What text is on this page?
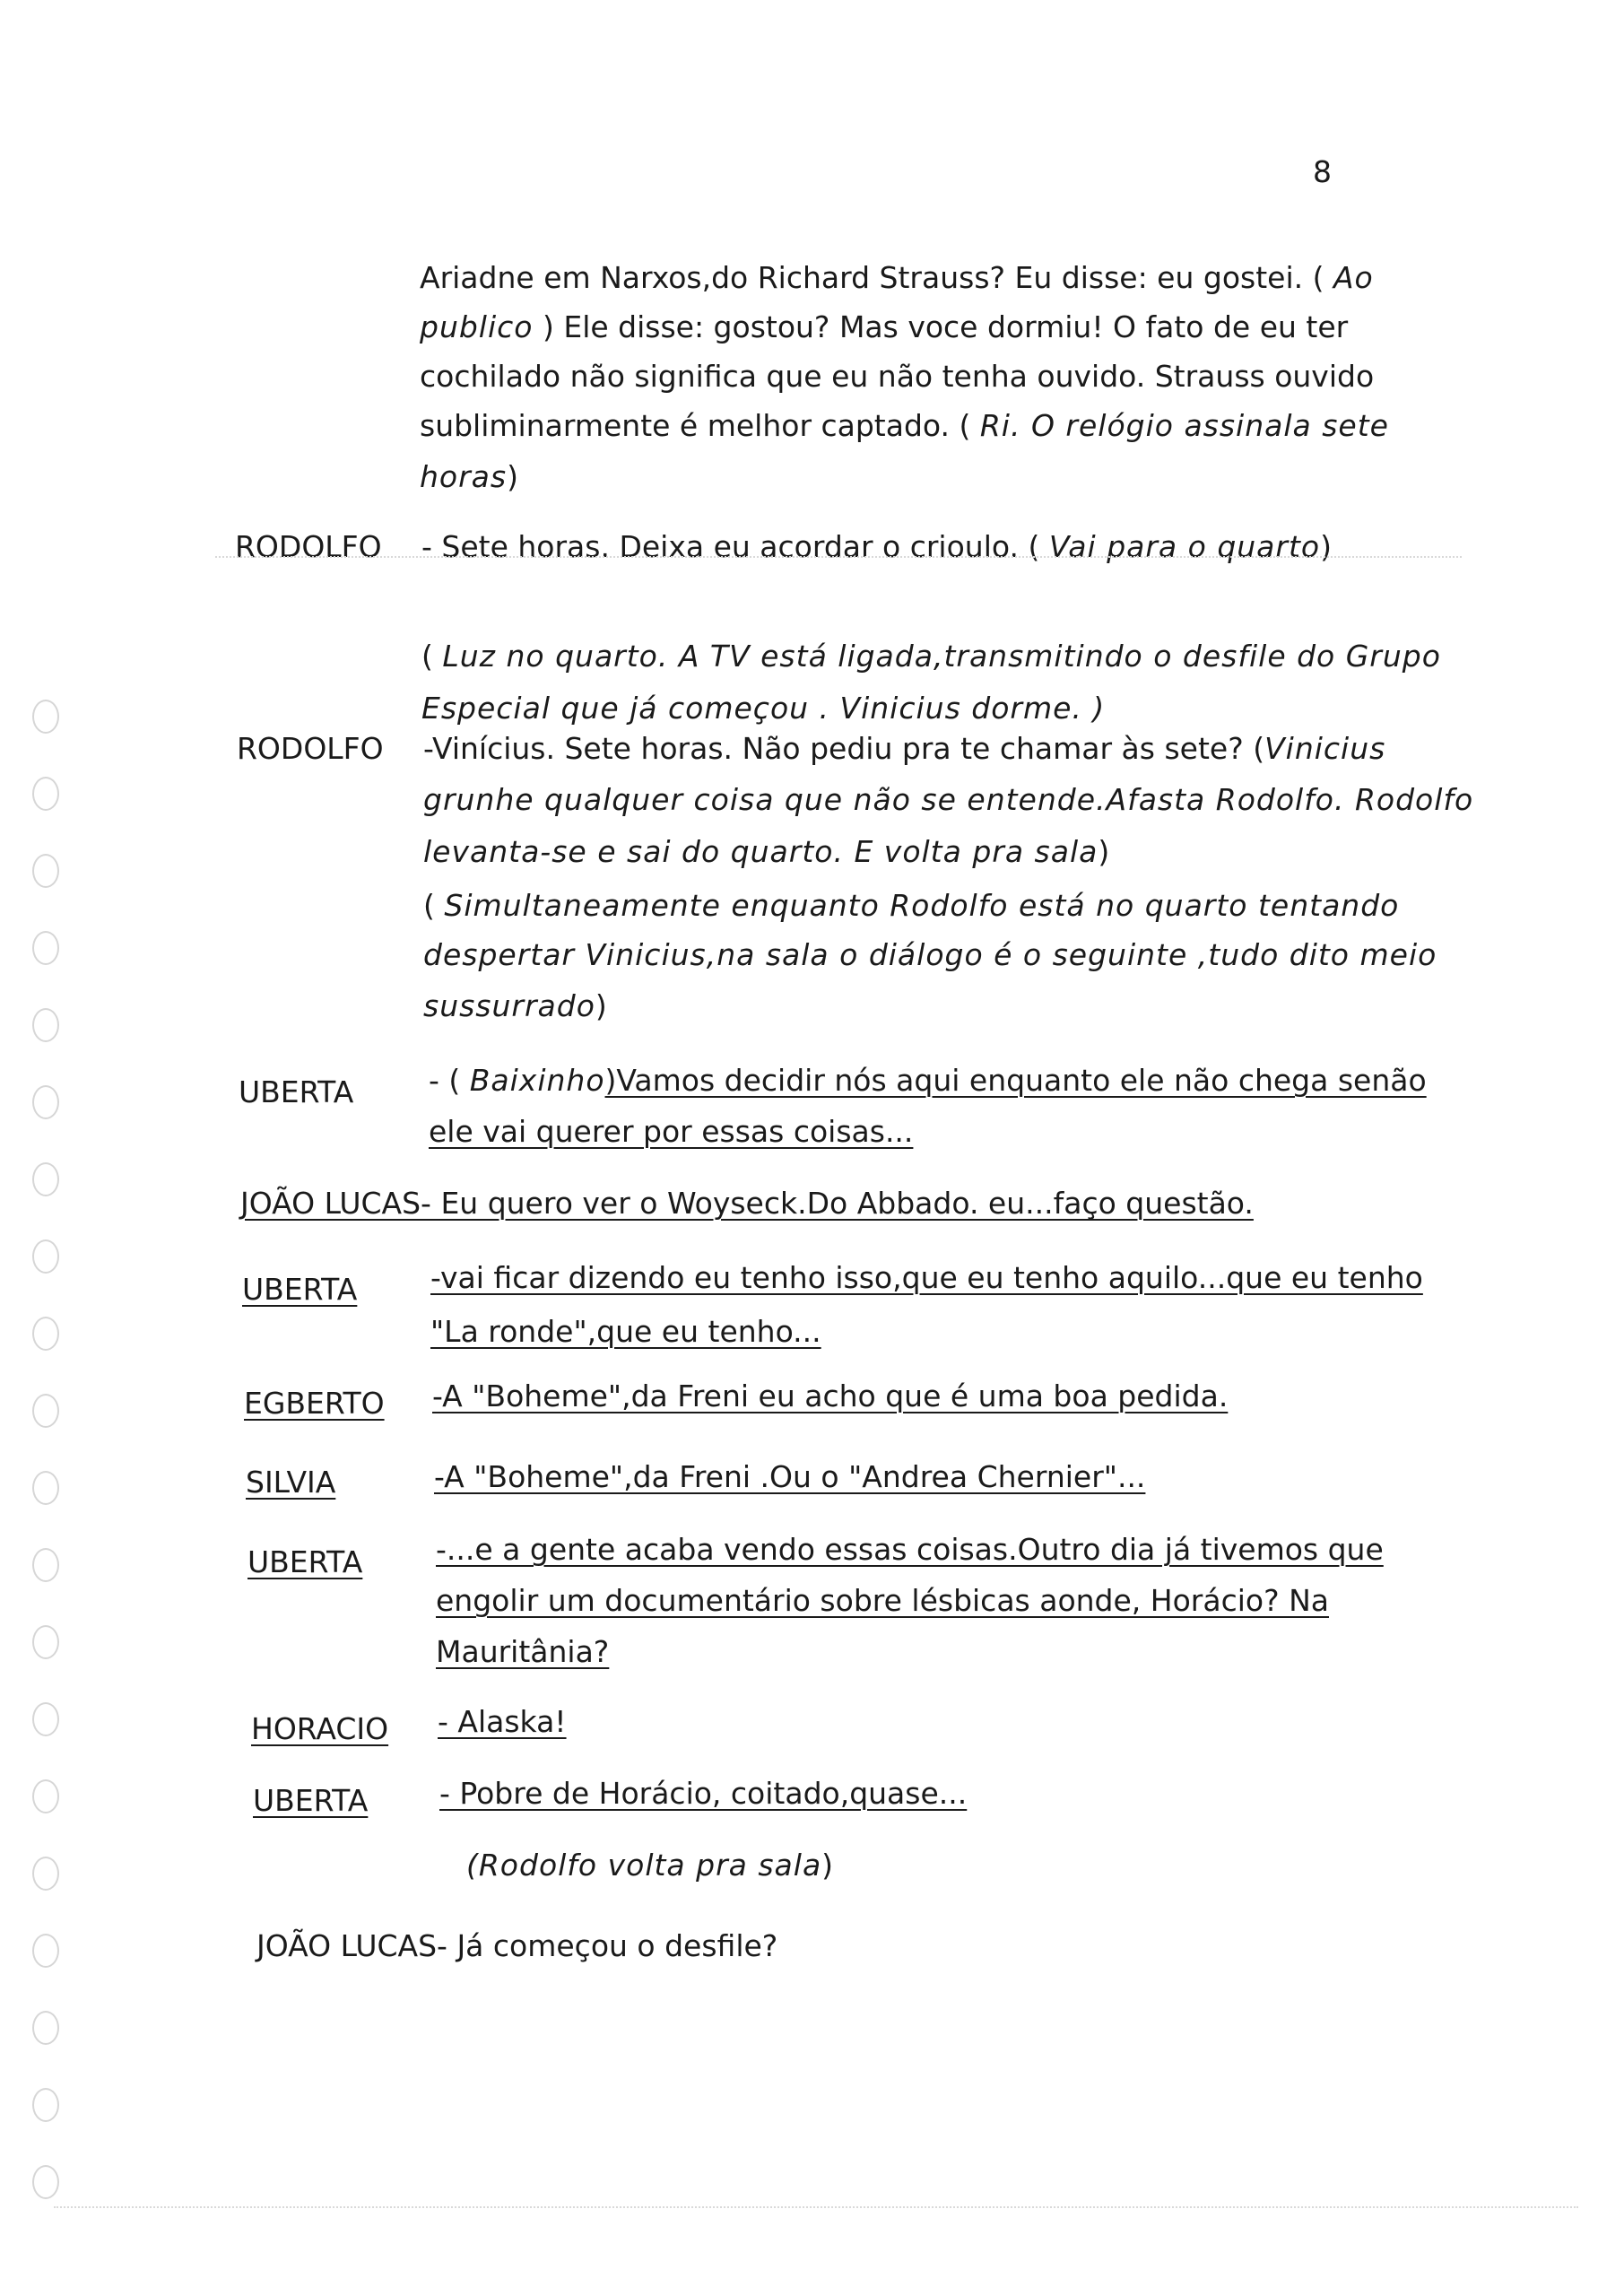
8
Ariadne em Narxos,do Richard Strauss? Eu disse: eu gostei. ( Ao
publico ) Ele disse: gostou? Mas voce dormiu! O fato de eu ter
cochilado não significa que eu não tenha ouvido. Strauss ouvido
subliminarmente é melhor captado. ( Ri. O relógio assinala sete
horas)
RODOLFO - Sete horas. Deixa eu acordar o crioulo. ( Vai para o quarto)
( Luz no quarto. A TV está ligada,transmitindo o desfile do Grupo
Especial que já começou . Vinicius dorme. )
RODOLFO -Vinícius. Sete horas. Não pediu pra te chamar às sete? (Vinicius
grunhe qualquer coisa que não se entende.Afasta Rodolfo. Rodolfo
levanta-se e sai do quarto. E volta pra sala)
( Simultaneamente enquanto Rodolfo está no quarto tentando
despertar Vinicius,na sala o diálogo é o seguinte ,tudo dito meio
sussurrado)
UBERTA	- ( Baixinho)Vamos decidir nós aqui enquanto ele não chega senão
ele vai querer por essas coisas...
JOÃO LUCAS- Eu quero ver o Woyseck.Do Abbado. eu...faço questão.
UBERTA -vai ficar dizendo eu tenho isso,que eu tenho aquilo...que eu tenho
"La ronde",que eu tenho...
EGBERTO -A "Boheme",da Freni eu acho que é uma boa pedida.
SILVIA	-A "Boheme",da Freni .Ou o "Andrea Chernier"...
UBERTA -...e a gente acaba vendo essas coisas.Outro dia já tivemos que
engolir um documentário sobre lésbicas aonde, Horácio? Na
Mauritânia?
HORACIO - Alaska!
UBERTA - Pobre de Horácio, coitado,quase...
(Rodolfo volta pra sala)
JOÃO LUCAS- Já começou o desfile?
